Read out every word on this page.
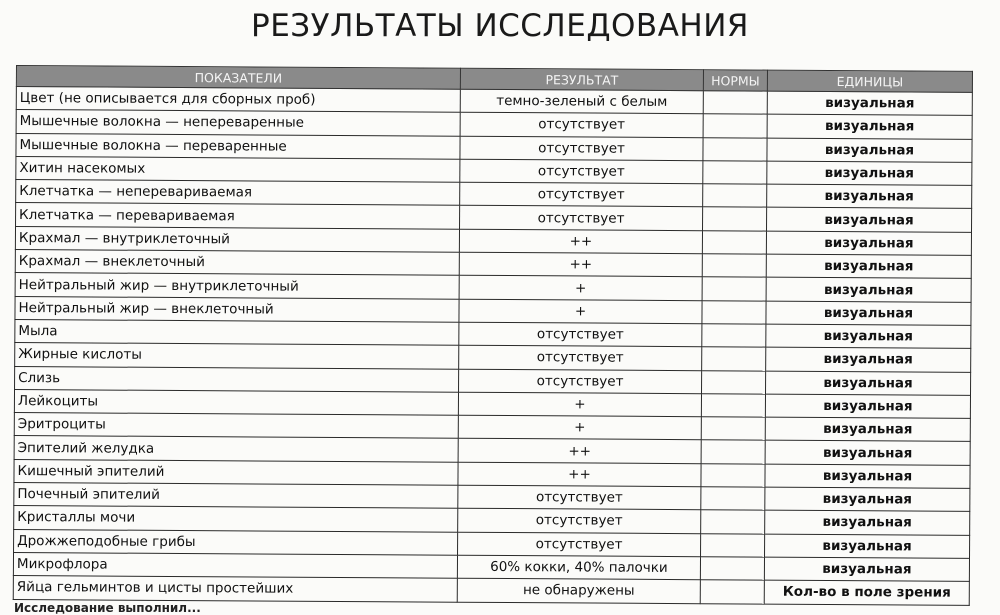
РЕЗУЛЬТАТЫ ИССЛЕДОВАНИЯ
ПОКАЗАТЕЛИ	РЕЗУЛЬТАТ	НОРМЫ	ЕДИНИЦЫ
Цвет (не описывается для сборных проб)	темно-зеленый с белым		визуальная
Мышечные волокна — непереваренные	отсутствует		визуальная
Мышечные волокна — переваренные	отсутствует		визуальная
Хитин насекомых	отсутствует		визуальная
Клетчатка — неперевариваемая	отсутствует		визуальная
Клетчатка — перевариваемая	отсутствует		визуальная
Крахмал — внутриклеточный	++		визуальная
Крахмал — внеклеточный	++		визуальная
Нейтральный жир — внутриклеточный	+		визуальная
Нейтральный жир — внеклеточный	+		визуальная
Мыла	отсутствует		визуальная
Жирные кислоты	отсутствует		визуальная
Слизь	отсутствует		визуальная
Лейкоциты	+		визуальная
Эритроциты	+		визуальная
Эпителий желудка	++		визуальная
Кишечный эпителий	++		визуальная
Почечный эпителий	отсутствует		визуальная
Кристаллы мочи	отсутствует		визуальная
Дрожжеподобные грибы	отсутствует		визуальная
Микрофлора	60% кокки, 40% палочки		визуальная
Яйца гельминтов и цисты простейших	не обнаружены		Кол-во в поле зрения
Исследование выполнил...
